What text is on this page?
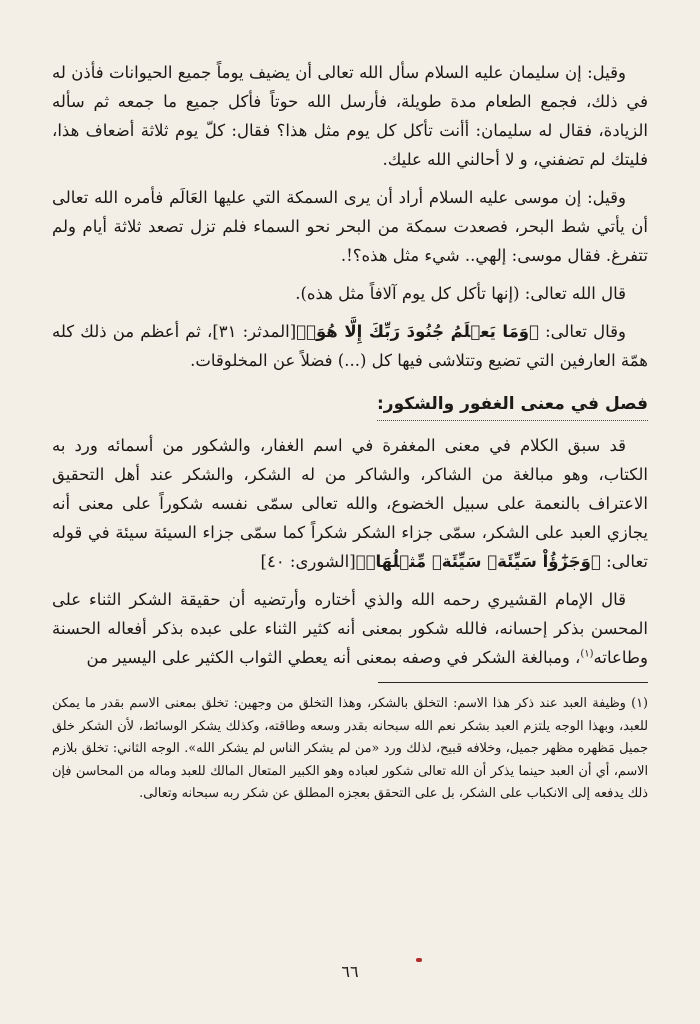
وقيل: إن سليمان عليه السلام سأل الله تعالى أن يضيف يوماً جميع الحيوانات فأذن له في ذلك، فجمع الطعام مدة طويلة، فأرسل الله حوتاً فأكل جميع ما جمعه ثم سأله الزيادة، فقال له سليمان: أأنت تأكل كل يوم مثل هذا؟ فقال: كلّ يوم ثلاثة أضعاف هذا، فليتك لم تضفني، و لا أحالني الله عليك.

وقيل: إن موسى عليه السلام أراد أن يرى السمكة التي عليها العَالَم فأمره الله تعالى أن يأتي شط البحر، فصعدت سمكة من البحر نحو السماء فلم تزل تصعد ثلاثة أيام ولم تتفرغ. فقال موسى: إلهي.. شيء مثل هذه؟!.

قال الله تعالى: (إنها تأكل كل يوم آلافاً مثل هذه).

وقال تعالى: ﴿وَمَا يَعۡلَمُ جُنُودَ رَبِّكَ إِلَّا هُوَۚ﴾[المدثر: ٣١]، ثم أعظم من ذلك كله همّة العارفين التي تضيع وتتلاشى فيها كل (...) فضلاً عن المخلوقات.

فصل في معنى الغفور والشكور:

قد سبق الكلام في معنى المغفرة في اسم الغفار، والشكور من أسمائه ورد به الكتاب، وهو مبالغة من الشاكر، والشاكر من له الشكر، والشكر عند أهل التحقيق الاعتراف بالنعمة على سبيل الخضوع، والله تعالى سمّى نفسه شكوراً على معنى أنه يجازي العبد على الشكر، سمّى جزاء الشكر شكراً كما سمّى جزاء السيئة سيئة في قوله تعالى: ﴿وَجَزَٰٓؤُاْ سَيِّئَةٖ سَيِّئَةٞ مِّثۡلُهَاۖ﴾[الشورى: ٤٠]

قال الإمام القشيري رحمه الله والذي أختاره وأرتضيه أن حقيقة الشكر الثناء على المحسن بذكر إحسانه، فالله شكور بمعنى أنه كثير الثناء على عبده بذكر أفعاله الحسنة وطاعاته$^{(١)}$، ومبالغة الشكر في وصفه بمعنى أنه يعطي الثواب الكثير على اليسير من

(١) وظيفة العبد عند ذكر هذا الاسم: التخلق بالشكر، وهذا التخلق من وجهين: تخلق بمعنى الاسم بقدر ما يمكن للعبد، وبهذا الوجه يلتزم العبد بشكر نعم الله سبحانه بقدر وسعه وطاقته، وكذلك يشكر الوسائط، لأن الشكر خلق جميل مَظهره مظهر جميل، وخلافه قبيح، لذلك ورد «من لم يشكر الناس لم يشكر الله». الوجه الثاني: تخلق بلازم الاسم، أي أن العبد حينما يذكر أن الله تعالى شكور لعباده وهو الكبير المتعال المالك للعبد وماله من المحاسن فإن ذلك يدفعه إلى الانكباب على الشكر، بل على التحقق بعجزه المطلق عن شكر ربه سبحانه وتعالى.

٦٦
